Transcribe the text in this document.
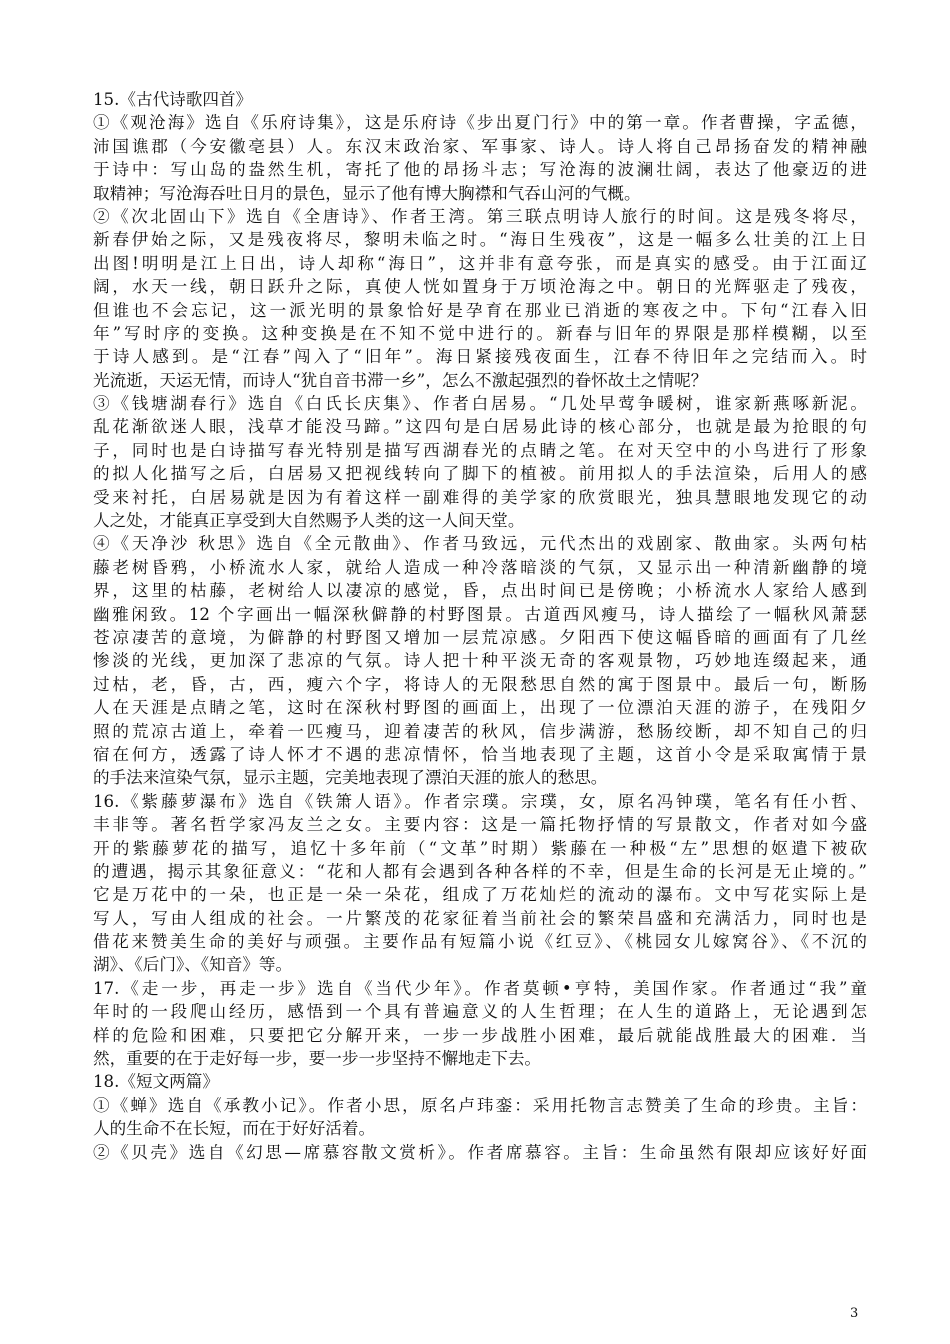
15.《古代诗歌四首》
①《观沧海》选自《乐府诗集》，这是乐府诗《步出夏门行》中的第一章。作者曹操，字孟德，
沛国谯郡（今安徽亳县）人。东汉末政治家、军事家、诗人。诗人将自己昂扬奋发的精神融
于诗中：写山岛的盎然生机，寄托了他的昂扬斗志；写沧海的波澜壮阔，表达了他豪迈的进
取精神；写沧海吞吐日月的景色，显示了他有博大胸襟和气吞山河的气概。
②《次北固山下》选自《全唐诗》、作者王湾。第三联点明诗人旅行的时间。这是残冬将尽，
新春伊始之际，又是残夜将尽，黎明未临之时。“海日生残夜”，这是一幅多么壮美的江上日
出图!明明是江上日出，诗人却称“海日”，这并非有意夸张，而是真实的感受。由于江面辽
阔，水天一线，朝日跃升之际，真使人恍如置身于万顷沧海之中。朝日的光辉驱走了残夜，
但谁也不会忘记，这一派光明的景象恰好是孕育在那业已消逝的寒夜之中。下句“江春入旧
年”写时序的变换。这种变换是在不知不觉中进行的。新春与旧年的界限是那样模糊，以至
于诗人感到。是“江春”闯入了“旧年”。海日紧接残夜面生，江春不待旧年之完结而入。时
光流逝，天运无情，而诗人“犹自音书滞一乡”，怎么不激起强烈的眷怀故土之情呢？
③《钱塘湖春行》选自《白氏长庆集》、作者白居易。“几处早莺争暖树，谁家新燕啄新泥。
乱花渐欲迷人眼，浅草才能没马蹄。”这四句是白居易此诗的核心部分，也就是最为抢眼的句
子，同时也是白诗描写春光特别是描写西湖春光的点睛之笔。在对天空中的小鸟进行了形象
的拟人化描写之后，白居易又把视线转向了脚下的植被。前用拟人的手法渲染，后用人的感
受来衬托，白居易就是因为有着这样一副难得的美学家的欣赏眼光，独具慧眼地发现它的动
人之处，才能真正享受到大自然赐予人类的这一人间天堂。
④《天净沙 秋思》选自《全元散曲》、作者马致远，元代杰出的戏剧家、散曲家。头两句枯
藤老树昏鸦，小桥流水人家，就给人造成一种冷落暗淡的气氛，又显示出一种清新幽静的境
界，这里的枯藤，老树给人以凄凉的感觉，昏，点出时间已是傍晚；小桥流水人家给人感到
幽雅闲致。12 个字画出一幅深秋僻静的村野图景。古道西风瘦马，诗人描绘了一幅秋风萧瑟
苍凉凄苦的意境，为僻静的村野图又增加一层荒凉感。夕阳西下使这幅昏暗的画面有了几丝
惨淡的光线，更加深了悲凉的气氛。诗人把十种平淡无奇的客观景物，巧妙地连缀起来，通
过枯，老，昏，古，西，瘦六个字，将诗人的无限愁思自然的寓于图景中。最后一句，断肠
人在天涯是点睛之笔，这时在深秋村野图的画面上，出现了一位漂泊天涯的游子，在残阳夕
照的荒凉古道上，牵着一匹瘦马，迎着凄苦的秋风，信步满游，愁肠绞断，却不知自己的归
宿在何方，透露了诗人怀才不遇的悲凉情怀，恰当地表现了主题，这首小令是采取寓情于景
的手法来渲染气氛，显示主题，完美地表现了漂泊天涯的旅人的愁思。
16.《紫藤萝瀑布》选自《铁箫人语》。作者宗璞。宗璞，女，原名冯钟璞，笔名有任小哲、
丰非等。著名哲学家冯友兰之女。主要内容：这是一篇托物抒情的写景散文，作者对如今盛
开的紫藤萝花的描写，追忆十多年前（“文革”时期）紫藤在一种极“左”思想的妪遣下被砍
的遭遇，揭示其象征意义：“花和人都有会遇到各种各样的不幸，但是生命的长河是无止境的。”
它是万花中的一朵，也正是一朵一朵花，组成了万花灿烂的流动的瀑布。文中写花实际上是
写人，写由人组成的社会。一片繁茂的花家征着当前社会的繁荣昌盛和充满活力，同时也是
借花来赞美生命的美好与顽强。主要作品有短篇小说《红豆》、《桃园女儿嫁窝谷》、《不沉的
湖》、《后门》、《知音》等。
17.《走一步，再走一步》选自《当代少年》。作者莫顿•亨特，美国作家。作者通过“我”童
年时的一段爬山经历，感悟到一个具有普遍意义的人生哲理；在人生的道路上，无论遇到怎
样的危险和困难，只要把它分解开来，一步一步战胜小困难，最后就能战胜最大的困难．当
然，重要的在于走好每一步，要一步一步坚持不懈地走下去。
18.《短文两篇》
①《蝉》选自《承教小记》。作者小思，原名卢玮銮：采用托物言志赞美了生命的珍贵。主旨：
人的生命不在长短，而在于好好活着。
②《贝壳》选自《幻思—席慕容散文赏析》。作者席慕容。主旨：生命虽然有限却应该好好面
3
